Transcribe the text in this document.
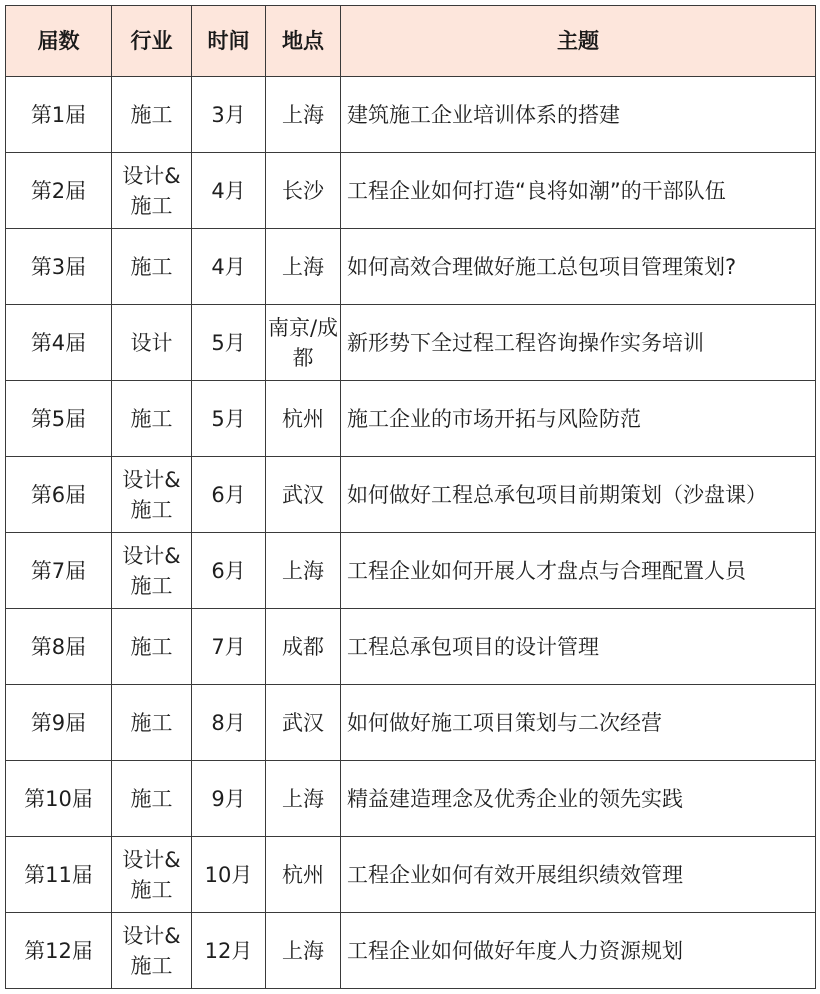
届数	行业	时间	地点	主题
第1届	施工	3月	上海	建筑施工企业培训体系的搭建
第2届	设计&施工	4月	长沙	工程企业如何打造“良将如潮”的干部队伍
第3届	施工	4月	上海	如何高效合理做好施工总包项目管理策划?
第4届	设计	5月	南京/成都	新形势下全过程工程咨询操作实务培训
第5届	施工	5月	杭州	施工企业的市场开拓与风险防范
第6届	设计&施工	6月	武汉	如何做好工程总承包项目前期策划（沙盘课）
第7届	设计&施工	6月	上海	工程企业如何开展人才盘点与合理配置人员
第8届	施工	7月	成都	工程总承包项目的设计管理
第9届	施工	8月	武汉	如何做好施工项目策划与二次经营
第10届	施工	9月	上海	精益建造理念及优秀企业的领先实践
第11届	设计&施工	10月	杭州	工程企业如何有效开展组织绩效管理
第12届	设计&施工	12月	上海	工程企业如何做好年度人力资源规划
